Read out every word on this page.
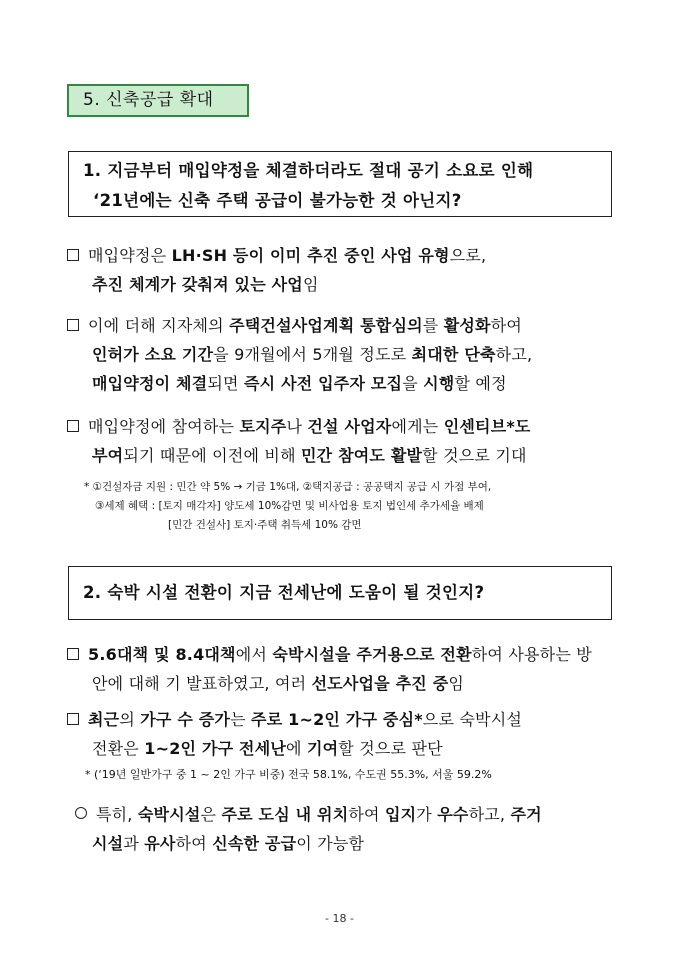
5. 신축공급 확대
1. 지금부터 매입약정을 체결하더라도 절대 공기 소요로 인해
‘21년에는 신축 주택 공급이 불가능한 것 아닌지?
매입약정은 LH·SH 등이 이미 추진 중인 사업 유형으로,
추진 체계가 갖춰져 있는 사업임
이에 더해 지자체의 주택건설사업계획 통합심의를 활성화하여
인허가 소요 기간을 9개월에서 5개월 정도로 최대한 단축하고,
매입약정이 체결되면 즉시 사전 입주자 모집을 시행할 예정
매입약정에 참여하는 토지주나 건설 사업자에게는 인센티브*도
부여되기 때문에 이전에 비해 민간 참여도 활발할 것으로 기대
* ①건설자금 지원 : 민간 약 5% → 기금 1%대, ②택지공급 : 공공택지 공급 시 가점 부여,
③세제 혜택 : [토지 매각자] 양도세 10%감면 및 비사업용 토지 법인세 추가세율 배제
[민간 건설사] 토지·주택 취득세 10% 감면
2. 숙박 시설 전환이 지금 전세난에 도움이 될 것인지?
5.6대책 및 8.4대책에서 숙박시설을 주거용으로 전환하여 사용하는 방
안에 대해 기 발표하였고, 여러 선도사업을 추진 중임
최근의 가구 수 증가는 주로 1~2인 가구 중심*으로 숙박시설
전환은 1~2인 가구 전세난에 기여할 것으로 판단
* (‘19년 일반가구 중 1 ~ 2인 가구 비중) 전국 58.1%, 수도권 55.3%, 서울 59.2%
특히, 숙박시설은 주로 도심 내 위치하여 입지가 우수하고, 주거
시설과 유사하여 신속한 공급이 가능함
- 18 -
